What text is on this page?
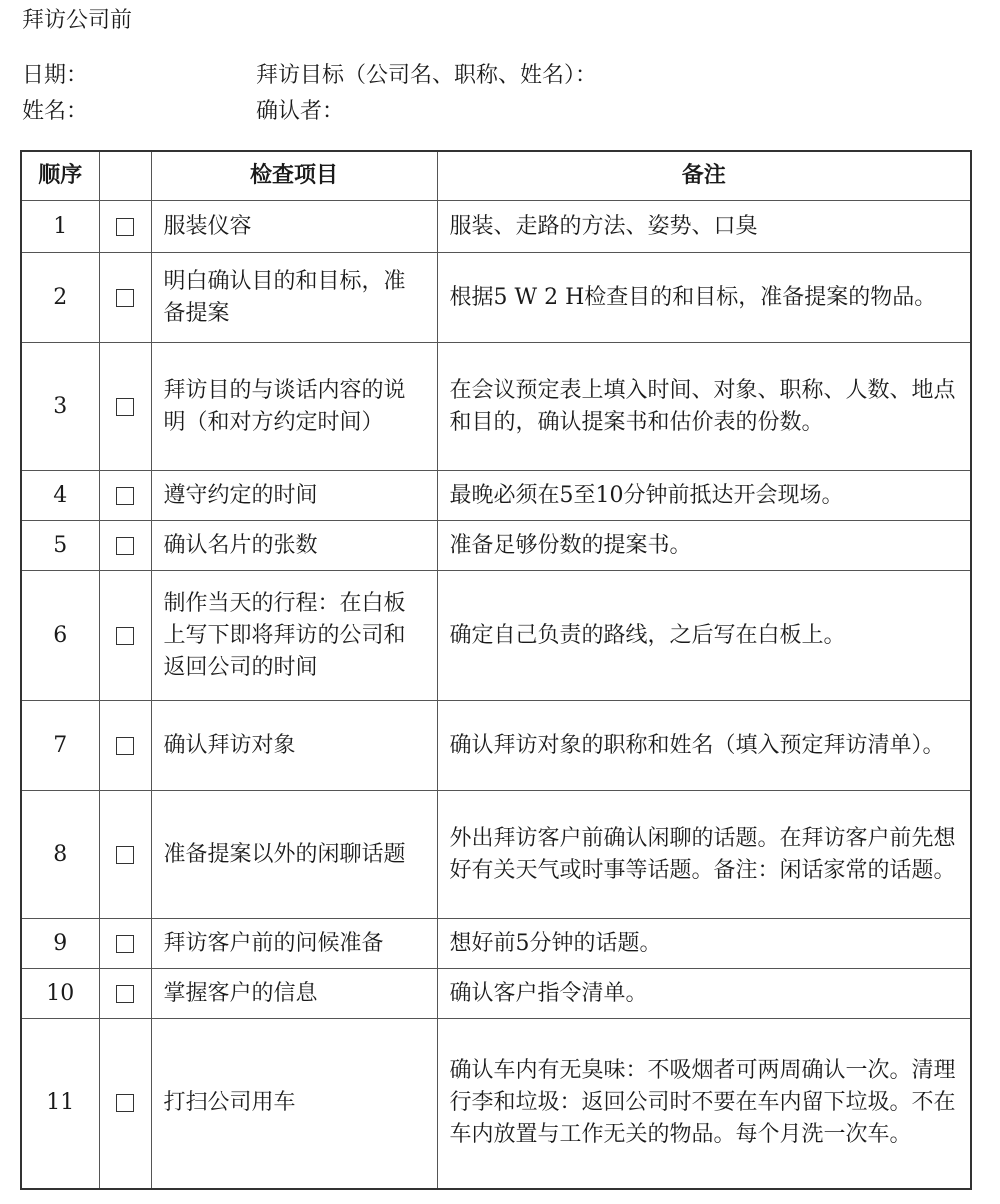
拜访公司前
日期：	拜访目标（公司名、职称、姓名）：
姓名：	确认者：
顺序		检查项目	备注
1		服装仪容	服装、走路的方法、姿势、口臭
2		明白确认目的和目标，准备提案	根据5 W 2 H检查目的和目标，准备提案的物品。
3		拜访目的与谈话内容的说明（和对方约定时间）	在会议预定表上填入时间、对象、职称、人数、地点和目的，确认提案书和估价表的份数。
4		遵守约定的时间	最晚必须在5至10分钟前抵达开会现场。
5		确认名片的张数	准备足够份数的提案书。
6		制作当天的行程：在白板上写下即将拜访的公司和返回公司的时间	确定自己负责的路线，之后写在白板上。
7		确认拜访对象	确认拜访对象的职称和姓名（填入预定拜访清单）。
8		准备提案以外的闲聊话题	外出拜访客户前确认闲聊的话题。在拜访客户前先想好有关天气或时事等话题。备注：闲话家常的话题。
9		拜访客户前的问候准备	想好前5分钟的话题。
10		掌握客户的信息	确认客户指令清单。
11		打扫公司用车	确认车内有无臭味：不吸烟者可两周确认一次。清理行李和垃圾：返回公司时不要在车内留下垃圾。不在车内放置与工作无关的物品。每个月洗一次车。
